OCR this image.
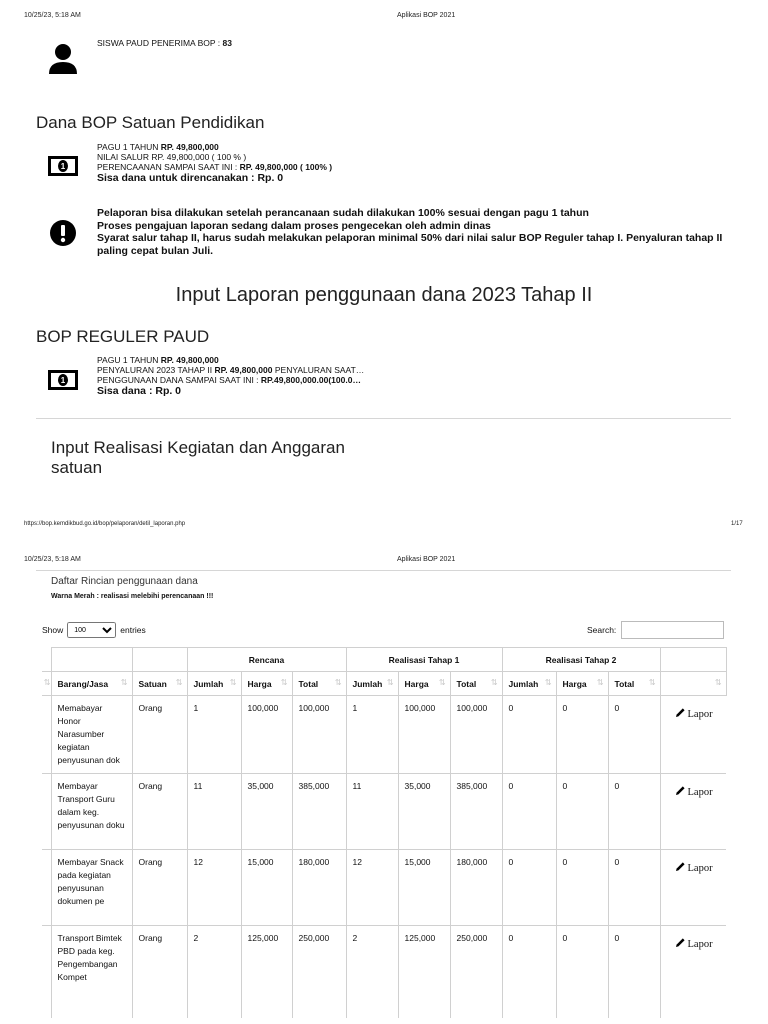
10/25/23, 5:18 AM	Aplikasi BOP 2021
SISWA PAUD PENERIMA BOP : 83
Dana BOP Satuan Pendidikan
1
PAGU 1 TAHUN RP. 49,800,000
NILAI SALUR RP. 49,800,000 ( 100 % )
PERENCAANAN SAMPAI SAAT INI : RP. 49,800,000 ( 100% )
Sisa dana untuk direncanakan : Rp. 0
Pelaporan bisa dilakukan setelah perancanaan sudah dilakukan 100% sesuai dengan pagu 1 tahun
Proses pengajuan laporan sedang dalam proses pengecekan oleh admin dinas
Syarat salur tahap II, harus sudah melakukan pelaporan minimal 50% dari nilai salur BOP Reguler tahap I. Penyaluran tahap II paling cepat bulan Juli.
Input Laporan penggunaan dana 2023 Tahap II
BOP REGULER PAUD
1
PAGU 1 TAHUN RP. 49,800,000
PENYALURAN 2023 TAHAP II RP. 49,800,000 PENYALURAN SAAT…
PENGGUNAAN DANA SAMPAI SAAT INI : RP.49,800,000.00(100.0…
Sisa dana : Rp. 0
Input Realisasi Kegiatan dan Anggaran
satuan
https://bop.kemdikbud.go.id/bop/pelaporan/detil_laporan.php	1/17
10/25/23, 5:18 AM	Aplikasi BOP 2021
Daftar Rincian penggunaan dana
Warna Merah : realisasi melebihi perencanaan !!!
Show
100	entries	Search:
			Rencana			Realisasi Tahap 1			Realisasi Tahap 2			

⇅	Barang/Jasa ⇅	Satuan ⇅	Jumlah ⇅	Harga ⇅	Total ⇅	Jumlah ⇅	Harga ⇅	Total ⇅	Jumlah ⇅	Harga ⇅	Total ⇅	⇅

	Memabayar Honor Narasumber kegiatan penyusunan dok	Orang	1	100,000	100,000	1	100,000	100,000	0	0	0	Lapor

	Membayar Transport Guru dalam keg. penyusunan doku	Orang	11	35,000	385,000	11	35,000	385,000	0	0	0	Lapor

	Membayar Snack pada kegiatan penyusunan dokumen pe	Orang	12	15,000	180,000	12	15,000	180,000	0	0	0	Lapor

	Transport Bimtek PBD pada keg. Pengembangan Kompet	Orang	2	125,000	250,000	2	125,000	250,000	0	0	0	Lapor
